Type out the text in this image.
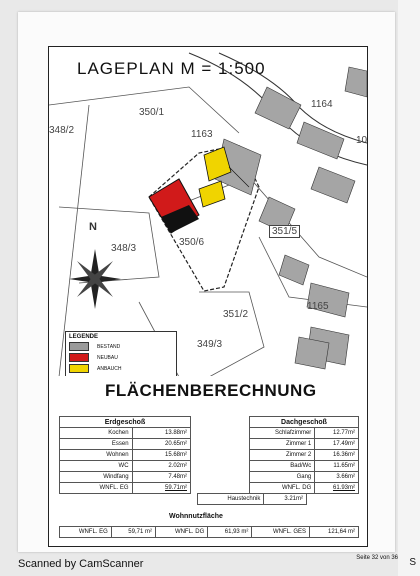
S
LAGEPLAN M = 1:500
350/1
348/2	1163
1164
10
348/3
350/6
351/5
351/2
1165
349/3
N
LEGENDE
BESTAND
NEUBAU
ANBAUCH
FLÄCHENBERECHNUNG
Erdgeschoß	
Kochen	13.88m²
Essen	20.65m²
Wohnen	15.68m²
WC	2.02m²
Windfang	7.48m²
WNFL. EG	59.71m²
Dachgeschoß	
Schlafzimmer	12.77m²
Zimmer 1	17.49m²
Zimmer 2	16.36m²
Bad/Wc	11.65m²
Gang	3.66m²
WNFL. DG	61.93m²
Haustechnik	3.21m²
Wohnnutzfläche
WNFL. EG	59,71 m²	WNFL. DG	61,93 m²	WNFL. GES	121,64 m²
Scanned by CamScanner	Seite 32 von 36
